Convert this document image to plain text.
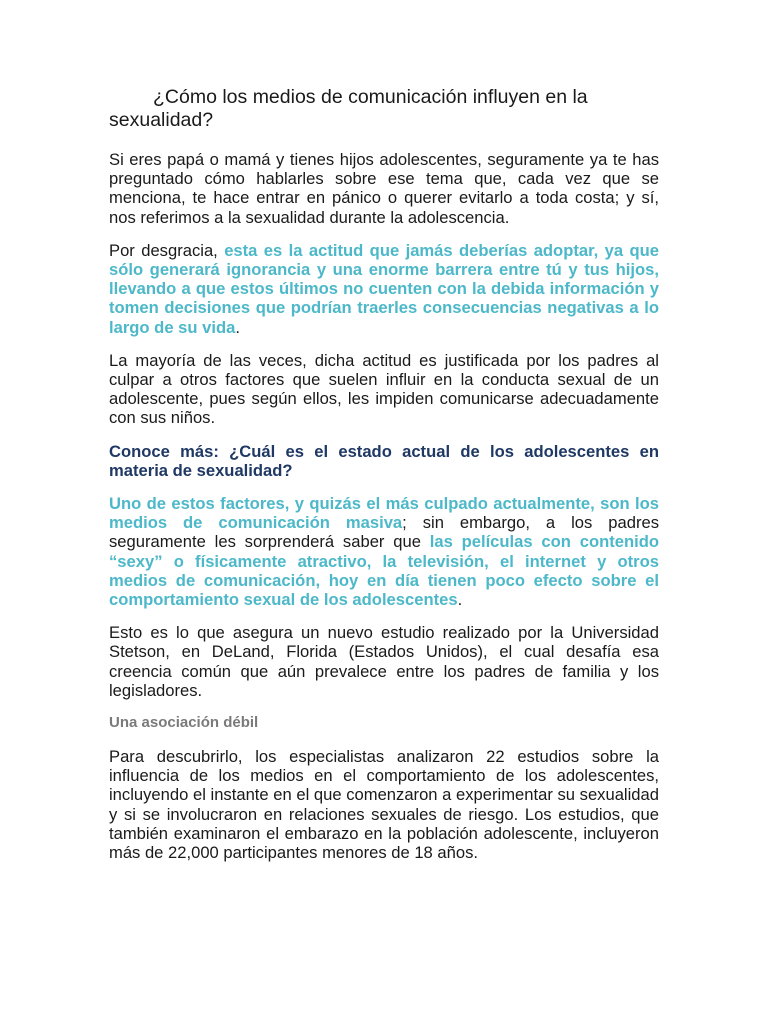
¿Cómo los medios de comunicación influyen en la sexualidad?

Si eres papá o mamá y tienes hijos adolescentes, seguramente ya te has preguntado cómo hablarles sobre ese tema que, cada vez que se menciona, te hace entrar en pánico o querer evitarlo a toda costa; y sí, nos referimos a la sexualidad durante la adolescencia.

Por desgracia, esta es la actitud que jamás deberías adoptar, ya que sólo generará ignorancia y una enorme barrera entre tú y tus hijos, llevando a que estos últimos no cuenten con la debida información y tomen decisiones que podrían traerles consecuencias negativas a lo largo de su vida.

La mayoría de las veces, dicha actitud es justificada por los padres al culpar a otros factores que suelen influir en la conducta sexual de un adolescente, pues según ellos, les impiden comunicarse adecuadamente con sus niños.

Conoce más: ¿Cuál es el estado actual de los adolescentes en materia de sexualidad?

Uno de estos factores, y quizás el más culpado actualmente, son los medios de comunicación masiva; sin embargo, a los padres seguramente les sorprenderá saber que las películas con contenido “sexy” o físicamente atractivo, la televisión, el internet y otros medios de comunicación, hoy en día tienen poco efecto sobre el comportamiento sexual de los adolescentes.

Esto es lo que asegura un nuevo estudio realizado por la Universidad Stetson, en DeLand, Florida (Estados Unidos), el cual desafía esa creencia común que aún prevalece entre los padres de familia y los legisladores.

Una asociación débil

Para descubrirlo, los especialistas analizaron 22 estudios sobre la influencia de los medios en el comportamiento de los adolescentes, incluyendo el instante en el que comenzaron a experimentar su sexualidad y si se involucraron en relaciones sexuales de riesgo. Los estudios, que también examinaron el embarazo en la población adolescente, incluyeron más de 22,000 participantes menores de 18 años.
